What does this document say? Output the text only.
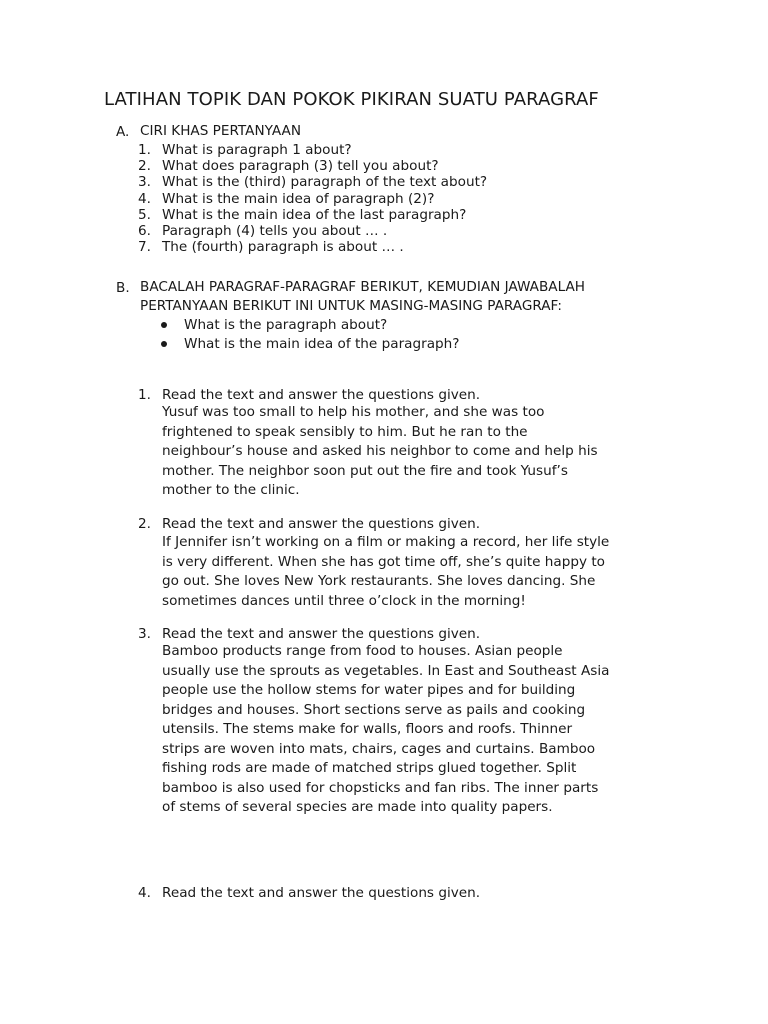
LATIHAN TOPIK DAN POKOK PIKIRAN SUATU PARAGRAF
A. CIRI KHAS PERTANYAAN
1. What is paragraph 1 about?
2. What does paragraph (3) tell you about?
3. What is the (third) paragraph of the text about?
4. What is the main idea of paragraph (2)?
5. What is the main idea of the last paragraph?
6. Paragraph (4) tells you about … .
7. The (fourth) paragraph is about … .
B. BACALAH PARAGRAF-PARAGRAF BERIKUT, KEMUDIAN JAWABALAH
PERTANYAAN BERIKUT INI UNTUK MASING-MASING PARAGRAF:
What is the paragraph about?
What is the main idea of the paragraph?
1. Read the text and answer the questions given.
Yusuf was too small to help his mother, and she was too
frightened to speak sensibly to him. But he ran to the
neighbour’s house and asked his neighbor to come and help his
mother. The neighbor soon put out the fire and took Yusuf’s
mother to the clinic.
2. Read the text and answer the questions given.
If Jennifer isn’t working on a film or making a record, her life style
is very different. When she has got time off, she’s quite happy to
go out. She loves New York restaurants. She loves dancing. She
sometimes dances until three o’clock in the morning!
3. Read the text and answer the questions given.
Bamboo products range from food to houses. Asian people
usually use the sprouts as vegetables. In East and Southeast Asia
people use the hollow stems for water pipes and for building
bridges and houses. Short sections serve as pails and cooking
utensils. The stems make for walls, floors and roofs. Thinner
strips are woven into mats, chairs, cages and curtains. Bamboo
fishing rods are made of matched strips glued together. Split
bamboo is also used for chopsticks and fan ribs. The inner parts
of stems of several species are made into quality papers.
4. Read the text and answer the questions given.
